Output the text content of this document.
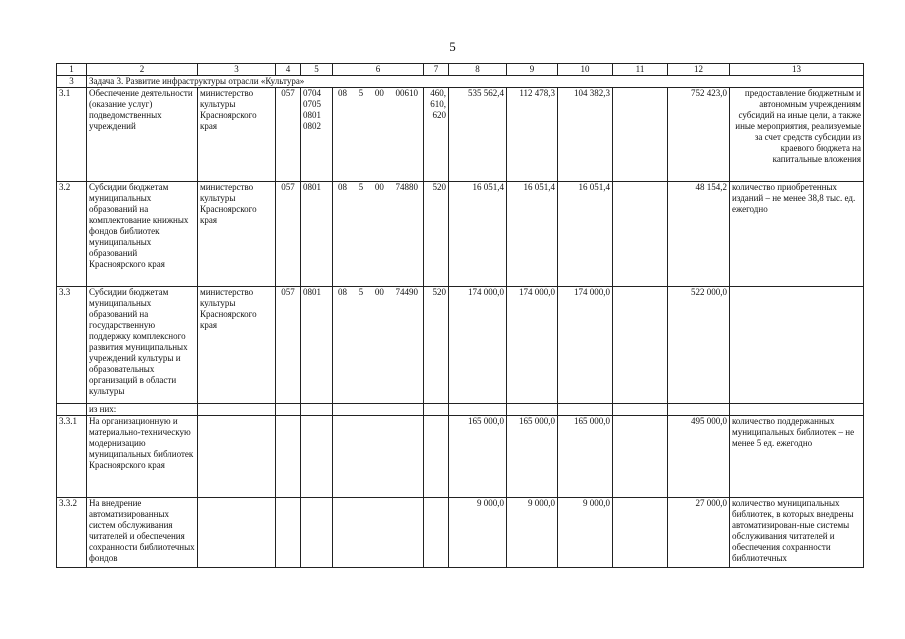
5
1	2	3	4	5	6	7	8	9	10	11	12	13
3	Задача 3. Развитие инфраструктуры отрасли «Культура»											
3.1	Обеспечение деятельности (оказание услуг) подведомственных учреждений	министерство культуры Красноярского края	057	0704 0705 0801 0802	08 5 00 00610	460, 610, 620	535 562,4	112 478,3	104 382,3		752 423,0	предоставление бюджетным и автономным учреждениям субсидий на иные цели, а также иные мероприятия, реализуемые за счет средств субсидии из краевого бюджета на капитальные вложения
3.2	Субсидии бюджетам муниципальных образований на комплектование книжных фондов библиотек муниципальных образований Красноярского края	министерство культуры Красноярского края	057	0801	08 5 00 74880	520	16 051,4	16 051,4	16 051,4		48 154,2	количество приобретенных изданий – не менее 38,8 тыс. ед. ежегодно
3.3	Субсидии бюджетам муниципальных образований на государственную поддержку комплексного развития муниципальных учреждений культуры и образовательных организаций в области культуры	министерство культуры Красноярского края	057	0801	08 5 00 74490	520	174 000,0	174 000,0	174 000,0		522 000,0	
	из них:											
3.3.1	На организационную и материально-техническую модернизацию муниципальных библиотек Красноярского края						165 000,0	165 000,0	165 000,0		495 000,0	количество поддержанных муниципальных библиотек – не менее 5 ед. ежегодно
3.3.2	На внедрение автоматизированных систем обслуживания читателей и обеспечения сохранности библиотечных фондов						9 000,0	9 000,0	9 000,0		27 000,0	количество муниципальных библиотек, в которых внедрены автоматизирован-ные системы обслуживания читателей и обеспечения сохранности библиотечных
